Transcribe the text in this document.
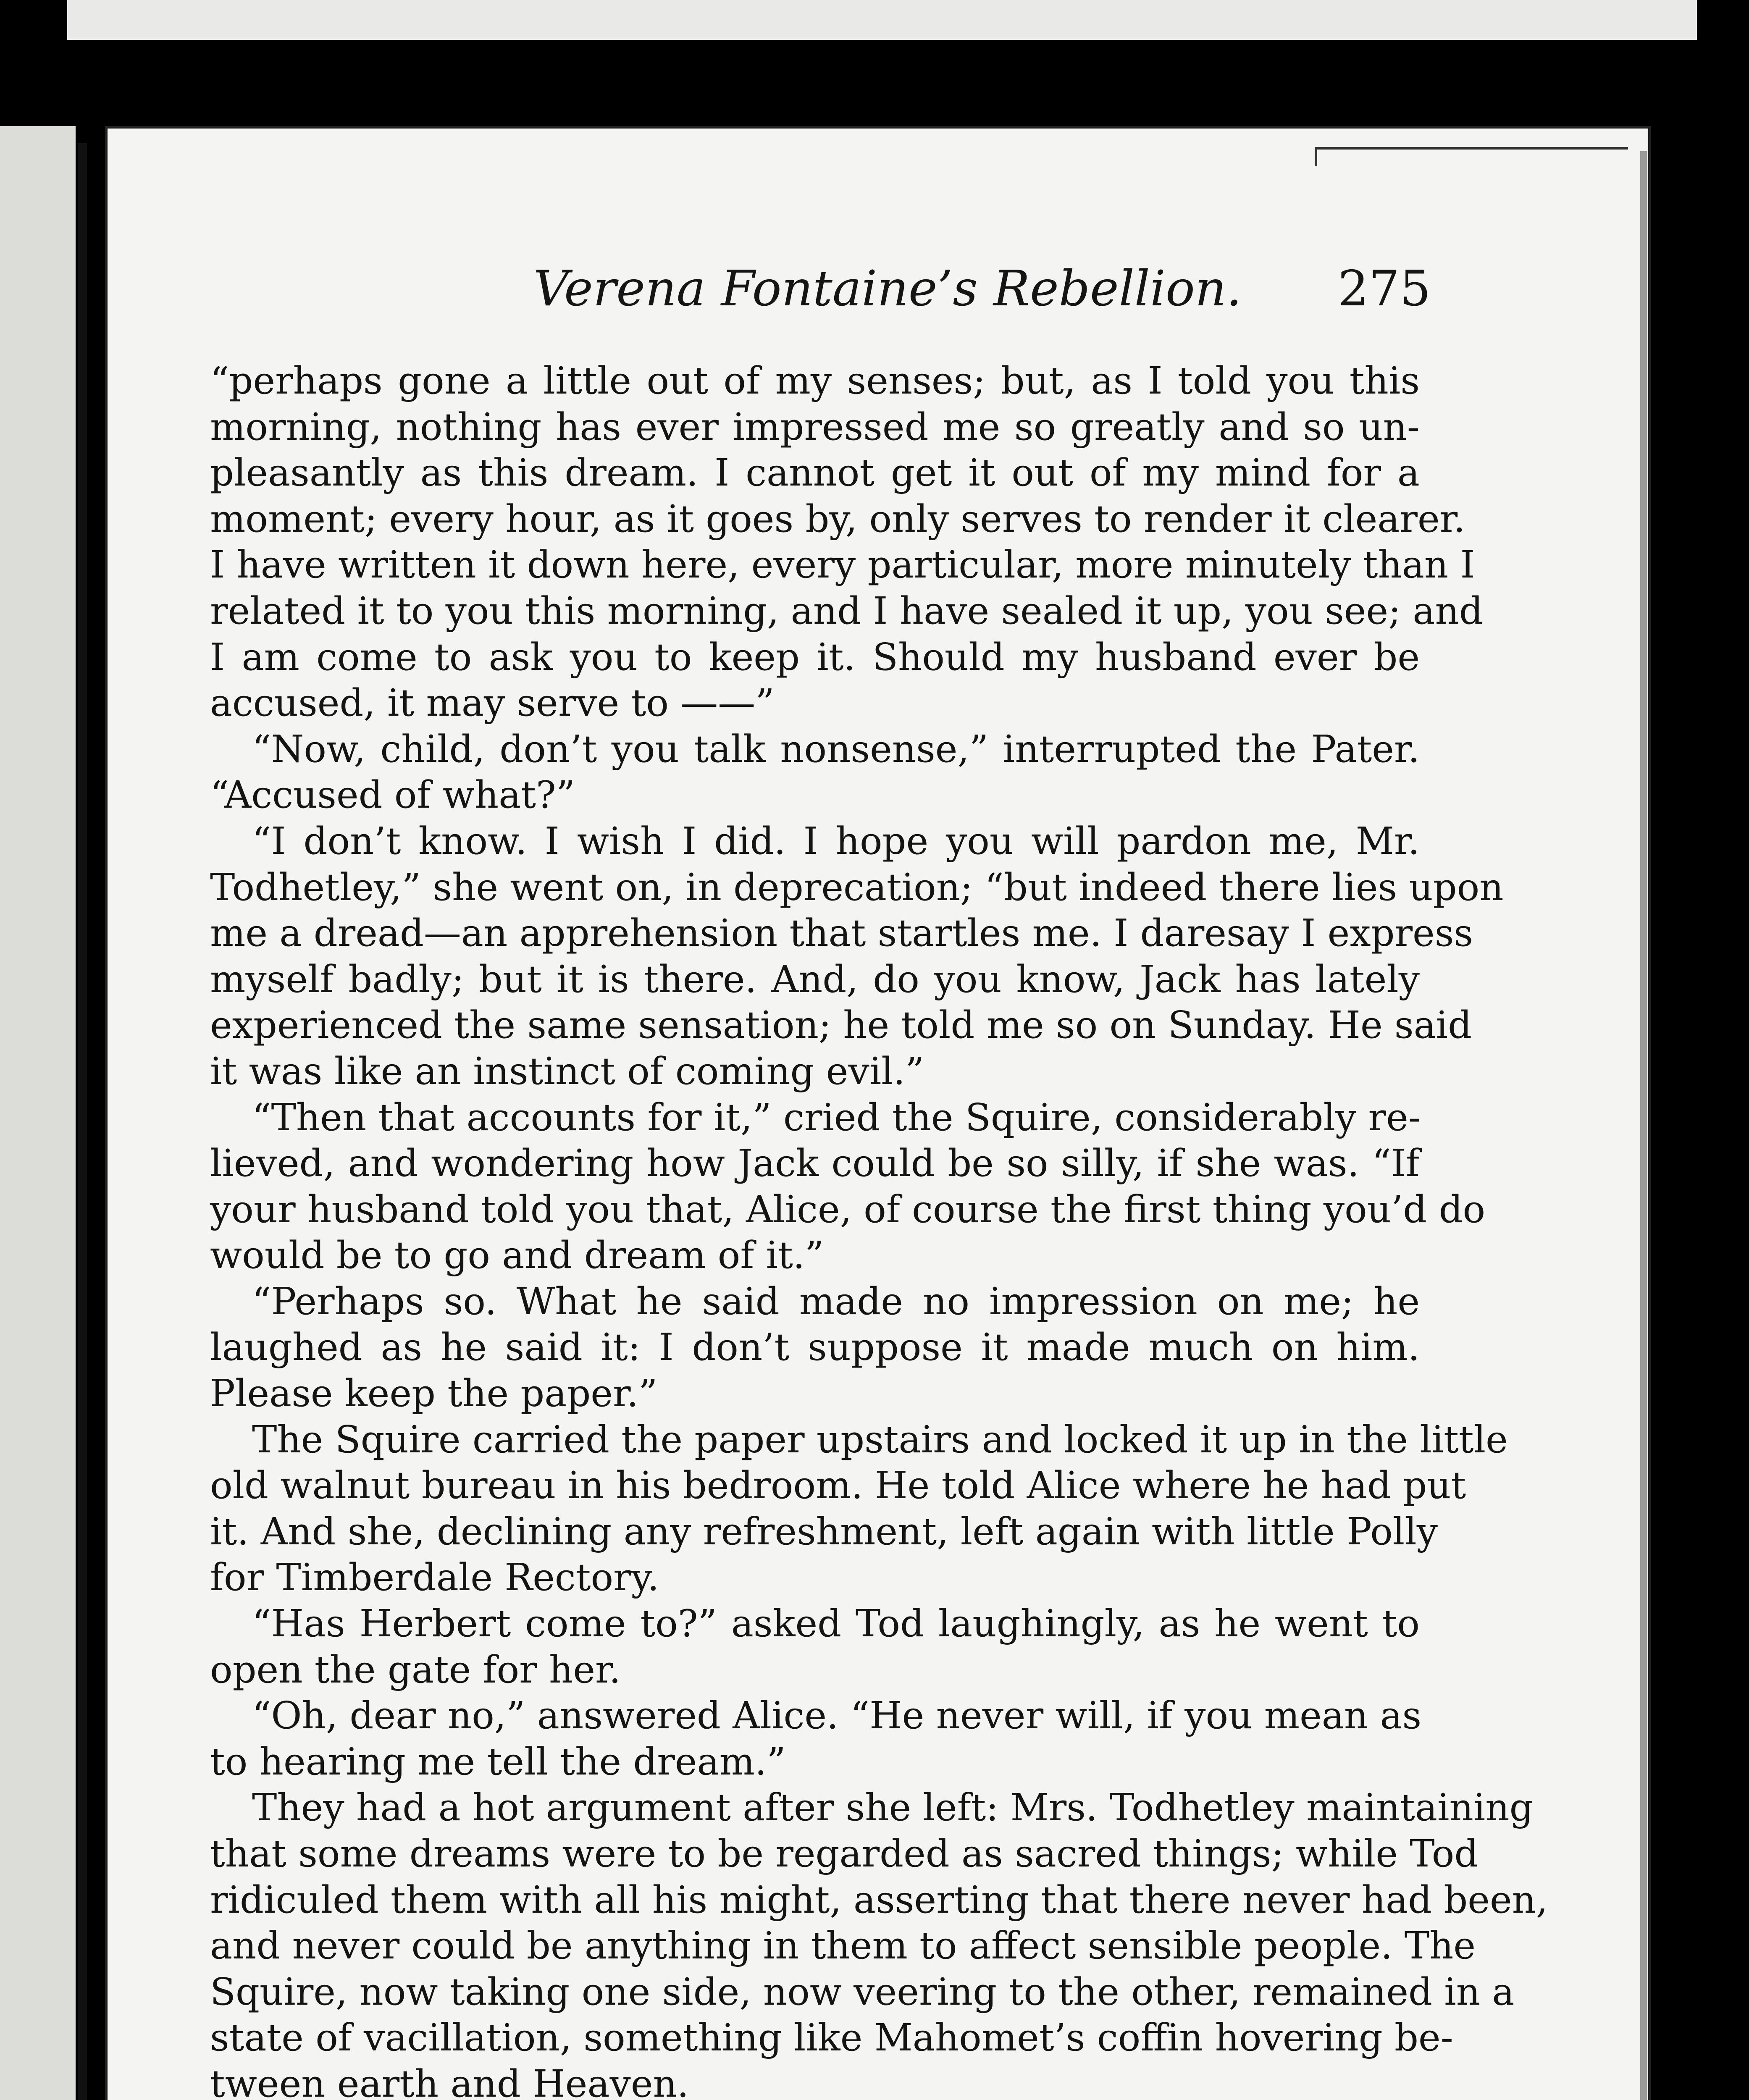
Verena Fontaine’s Rebellion. 275
“perhaps gone a little out of my senses; but, as I told you this
morning, nothing has ever impressed me so greatly and so un-
pleasantly as this dream. I cannot get it out of my mind for a
moment; every hour, as it goes by, only serves to render it clearer.
I have written it down here, every particular, more minutely than I
related it to you this morning, and I have sealed it up, you see; and
I am come to ask you to keep it. Should my husband ever be
accused, it may serve to ——”
“Now, child, don’t you talk nonsense,” interrupted the Pater.
“Accused of what?”
“I don’t know. I wish I did. I hope you will pardon me, Mr.
Todhetley,” she went on, in deprecation; “but indeed there lies upon
me a dread—an apprehension that startles me. I daresay I express
myself badly; but it is there. And, do you know, Jack has lately
experienced the same sensation; he told me so on Sunday. He said
it was like an instinct of coming evil.”
“Then that accounts for it,” cried the Squire, considerably re-
lieved, and wondering how Jack could be so silly, if she was. “If
your husband told you that, Alice, of course the first thing you’d do
would be to go and dream of it.”
“Perhaps so. What he said made no impression on me; he
laughed as he said it: I don’t suppose it made much on him.
Please keep the paper.”
The Squire carried the paper upstairs and locked it up in the little
old walnut bureau in his bedroom. He told Alice where he had put
it. And she, declining any refreshment, left again with little Polly
for Timberdale Rectory.
“Has Herbert come to?” asked Tod laughingly, as he went to
open the gate for her.
“Oh, dear no,” answered Alice. “He never will, if you mean as
to hearing me tell the dream.”
They had a hot argument after she left: Mrs. Todhetley maintaining
that some dreams were to be regarded as sacred things; while Tod
ridiculed them with all his might, asserting that there never had been,
and never could be anything in them to affect sensible people. The
Squire, now taking one side, now veering to the other, remained in a
state of vacillation, something like Mahomet’s coffin hovering be-
tween earth and Heaven.
